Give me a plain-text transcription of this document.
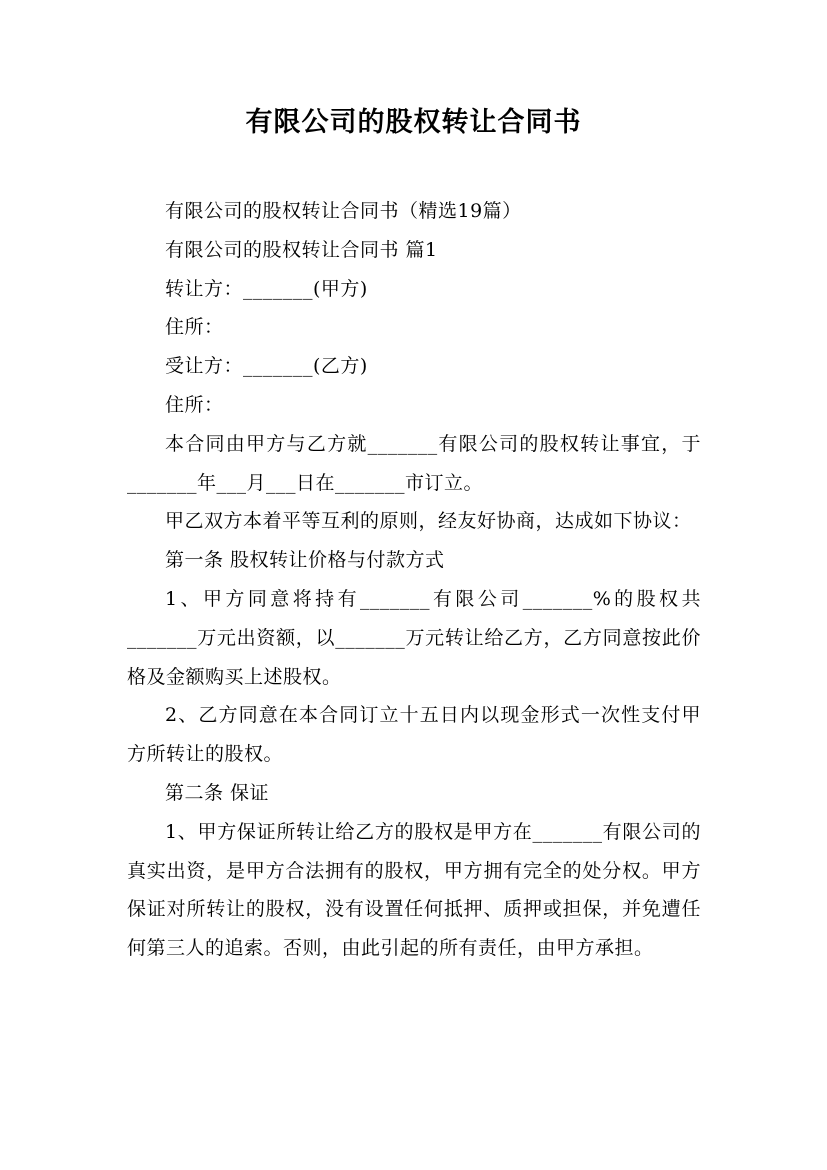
有限公司的股权转让合同书

有限公司的股权转让合同书（精选19篇）

有限公司的股权转让合同书 篇1

转让方：_______(甲方)

住所：

受让方：_______(乙方)

住所：

本合同由甲方与乙方就_______有限公司的股权转让事宜，于_______年___月___日在_______市订立。

甲乙双方本着平等互利的原则，经友好协商，达成如下协议：

第一条 股权转让价格与付款方式

1、甲方同意将持有_______有限公司_______%的股权共_______万元出资额，以_______万元转让给乙方，乙方同意按此价格及金额购买上述股权。

2、乙方同意在本合同订立十五日内以现金形式一次性支付甲方所转让的股权。

第二条 保证

1、甲方保证所转让给乙方的股权是甲方在_______有限公司的真实出资，是甲方合法拥有的股权，甲方拥有完全的处分权。甲方保证对所转让的股权，没有设置任何抵押、质押或担保，并免遭任何第三人的追索。否则，由此引起的所有责任，由甲方承担。
